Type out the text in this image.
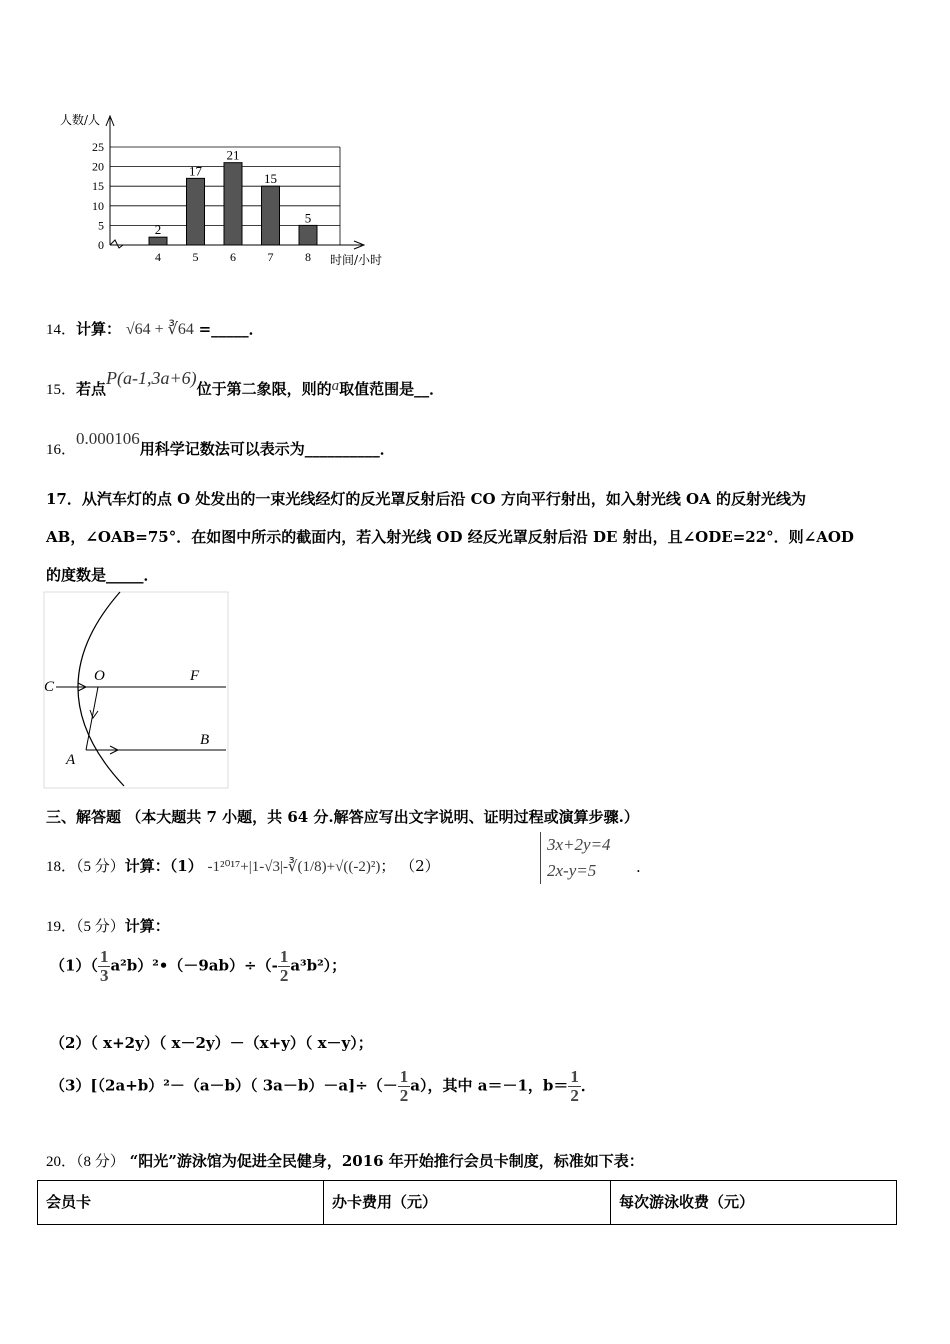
0
5
10
15
20
25
人数/人
时间/小时
2
4
17
5
21
6
15
7
5
8
14．计算： √64 + ∛64 =_____．
15．若点P(a-1,3a+6)位于第二象限，则的a取值范围是__．
16．0.000106用科学记数法可以表示为__________．
17．从汽车灯的点 O 处发出的一束光线经灯的反光罩反射后沿 CO 方向平行射出，如入射光线 OA 的反射光线为
AB，∠OAB=75°．在如图中所示的截面内，若入射光线 OD 经反光罩反射后沿 DE 射出，且∠ODE=22°．则∠AOD
的度数是_____．
C
O	F
A
B
三、解答题 （本大题共 7 小题，共 64 分.解答应写出文字说明、证明过程或演算步骤.）
18．（5 分）计算：（1） -1²⁰¹⁷+|1-√3|-∛(1/8)+√((-2)²)； （2）
3x+2y=4
2x-y=5	.
19．（5 分）计算：
$(1)( \frac{1}{3}$ a²b）²•（－9ab）÷（- $\frac{1}{2} a^3b^2$）；
（2）（ x+2y）（ x－2y）－（x+y）（ x－y）；
（3）[（2a+b）²－（a－b）（ $3a-b)-a]\div(- \frac{1}{2} a)$，其中 a＝－1，$b= \frac{1}{2}$ ．
20．（8 分） “阳光”游泳馆为促进全民健身，2016 年开始推行会员卡制度，标准如下表：
会员卡	办卡费用（元）	每次游泳收费（元）
